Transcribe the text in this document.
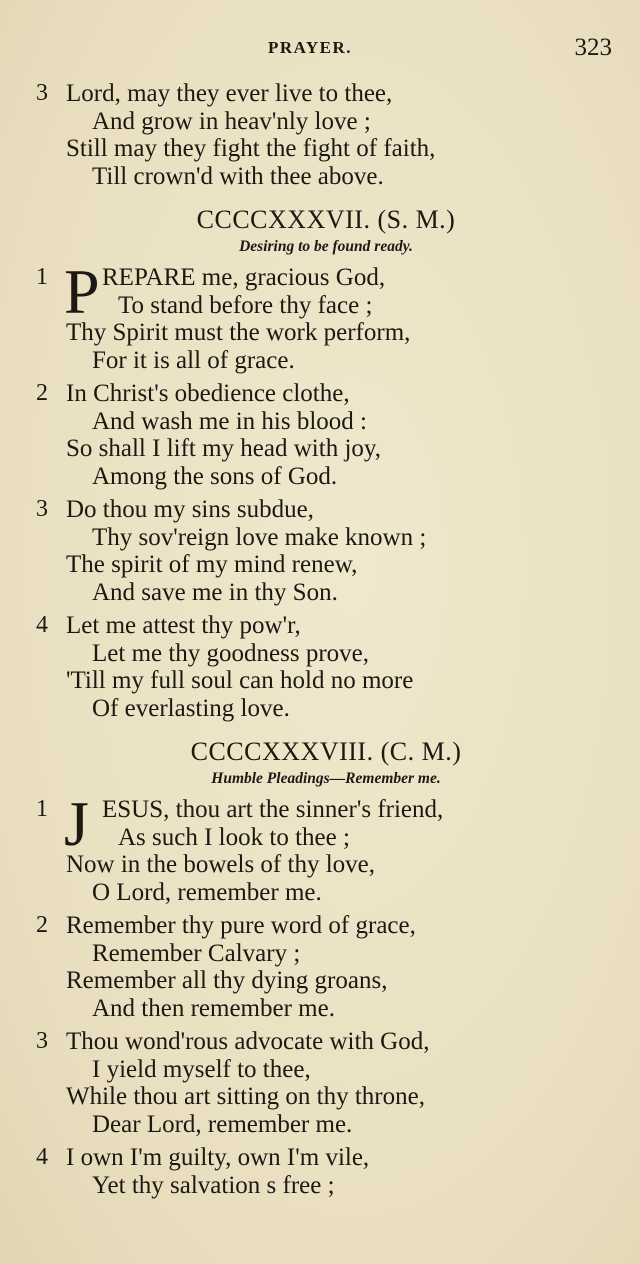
PRAYER.	323
3 Lord, may they ever live to thee,
And grow in heav'nly love ;
Still may they fight the fight of faith,
Till crown'd with thee above.
CCCCXXXVII. (S. M.)
Desiring to be found ready.
1 P REPARE me, gracious God,
To stand before thy face ;
Thy Spirit must the work perform,
For it is all of grace.
2 In Christ's obedience clothe,
And wash me in his blood :
So shall I lift my head with joy,
Among the sons of God.
3 Do thou my sins subdue,
Thy sov'reign love make known ;
The spirit of my mind renew,
And save me in thy Son.
4 Let me attest thy pow'r,
Let me thy goodness prove,
'Till my full soul can hold no more
Of everlasting love.
CCCCXXXVIII. (C. M.)
Humble Pleadings—Remember me.
1 J ESUS, thou art the sinner's friend,
As such I look to thee ;
Now in the bowels of thy love,
O Lord, remember me.
2 Remember thy pure word of grace,
Remember Calvary ;
Remember all thy dying groans,
And then remember me.
3 Thou wond'rous advocate with God,
I yield myself to thee,
While thou art sitting on thy throne,
Dear Lord, remember me.
4 I own I'm guilty, own I'm vile,
Yet thy salvation s free ;
